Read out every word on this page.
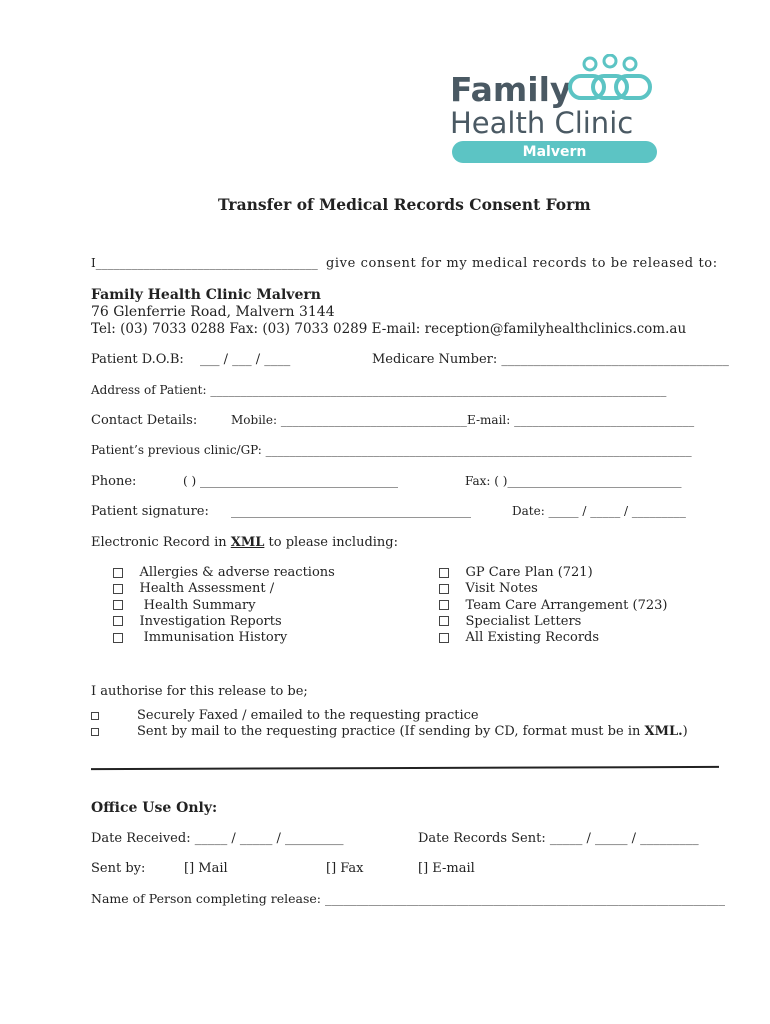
Family
Health Clinic
Malvern
Transfer of Medical Records Consent Form
I_____________________________________ give consent for my medical records to be released to:
Family Health Clinic Malvern
76 Glenferrie Road, Malvern 3144
Tel: (03) 7033 0288 Fax: (03) 7033 0289 E-mail: reception@familyhealthclinics.com.au
Patient D.O.B: ___ / ___ / ____	Medicare Number: ___________________________________
Address of Patient: ____________________________________________________________________________
Contact Details:	Mobile: _______________________________ E-mail: ______________________________
Patient’s previous clinic/GP: _______________________________________________________________________
Phone:	( ) _________________________________	Fax: ( )_____________________________
Patient signature: ________________________________________	Date: _____ / _____ / _________
Electronic Record in XML to please including:
Allergies & adverse reactions
Health Assessment /
Health Summary
Investigation Reports
Immunisation History
GP Care Plan (721)
Visit Notes
Team Care Arrangement (723)
Specialist Letters
All Existing Records
I authorise for this release to be;
Securely Faxed / emailed to the requesting practice
Sent by mail to the requesting practice (If sending by CD, format must be in XML.)
Office Use Only:
Date Received: _____ / _____ / _________	Date Records Sent: _____ / _____ / _________
Sent by:	[] Mail	[] Fax	[] E-mail
Name of Person completing release: ________________________________________________________________
